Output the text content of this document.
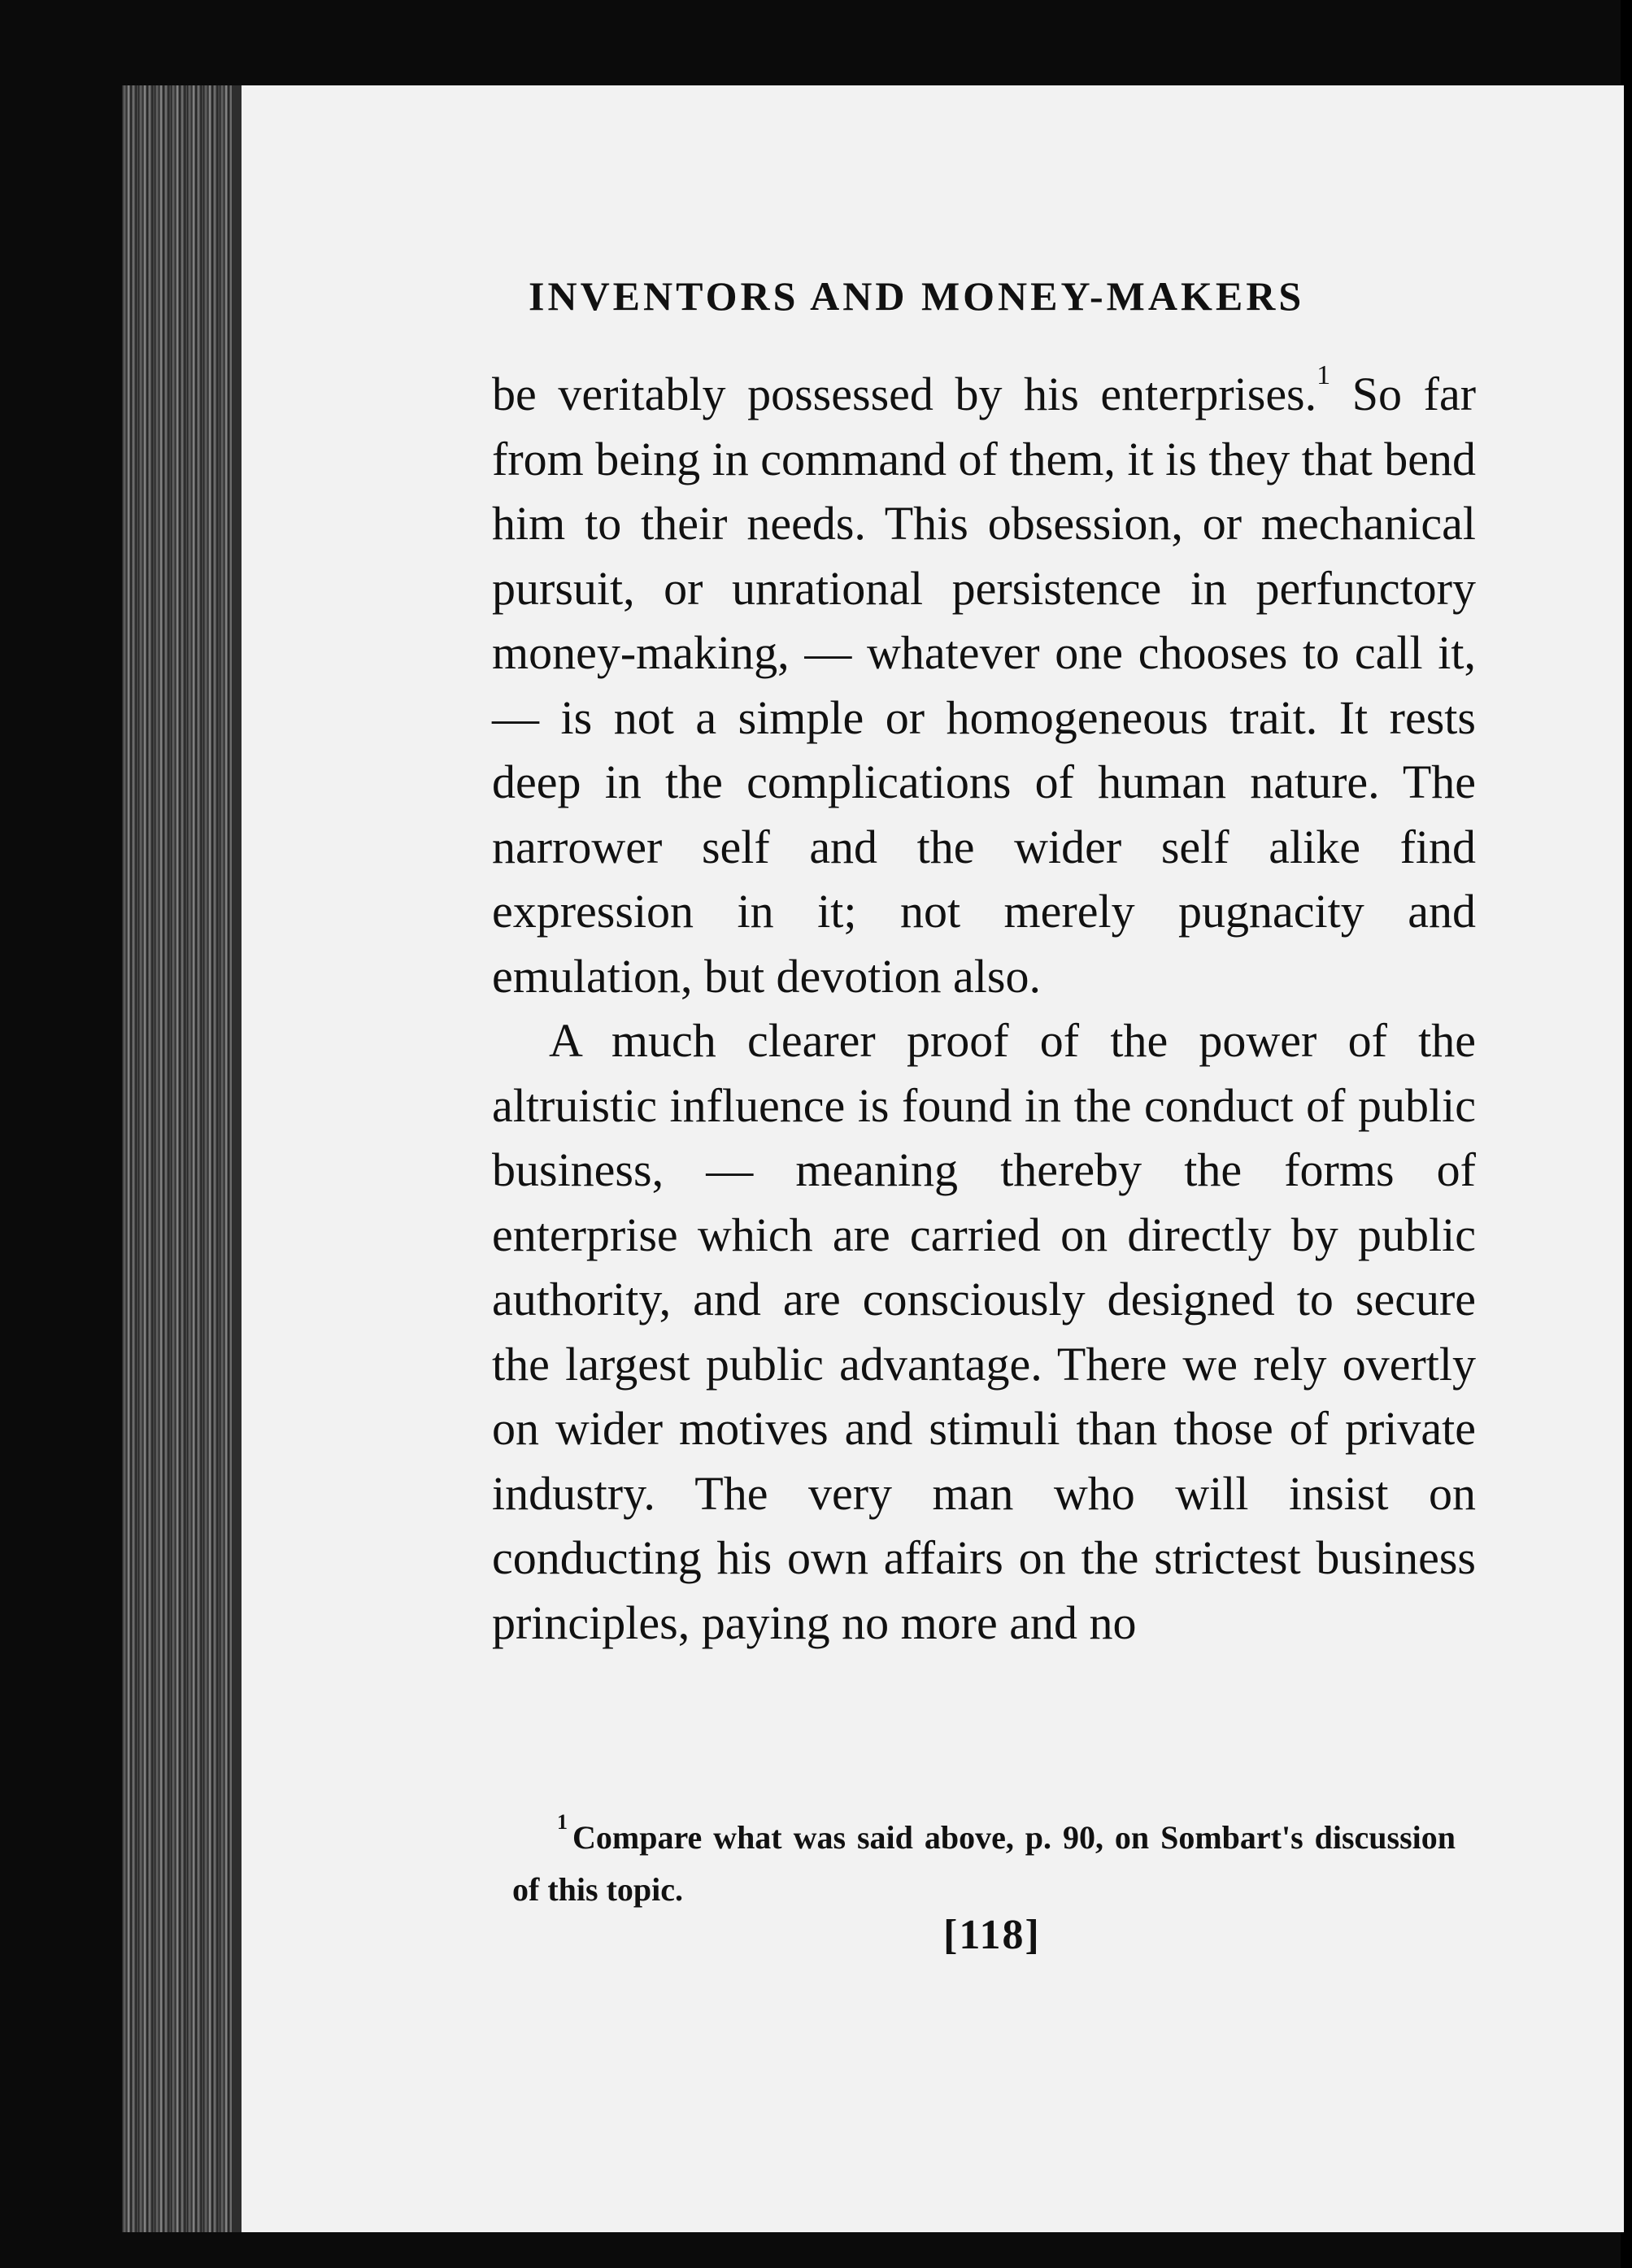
INVENTORS AND MONEY-MAKERS

be veritably possessed by his enterprises.$^1$ So far from being in command of them, it is they that bend him to their needs. This obsession, or mechanical pursuit, or unrational persistence in perfunctory money-making, — whatever one chooses to call it, — is not a simple or homogeneous trait. It rests deep in the complications of human nature. The narrower self and the wider self alike find expression in it; not merely pugnacity and emulation, but devotion also.

A much clearer proof of the power of the altruistic influence is found in the conduct of public business, — meaning thereby the forms of enterprise which are carried on directly by public authority, and are consciously designed to secure the largest public advantage. There we rely overtly on wider motives and stimuli than those of private industry. The very man who will insist on conducting his own affairs on the strictest business principles, paying no more and no

$^1$ Compare what was said above, p. 90, on Sombart's discussion of this topic.

[118]
